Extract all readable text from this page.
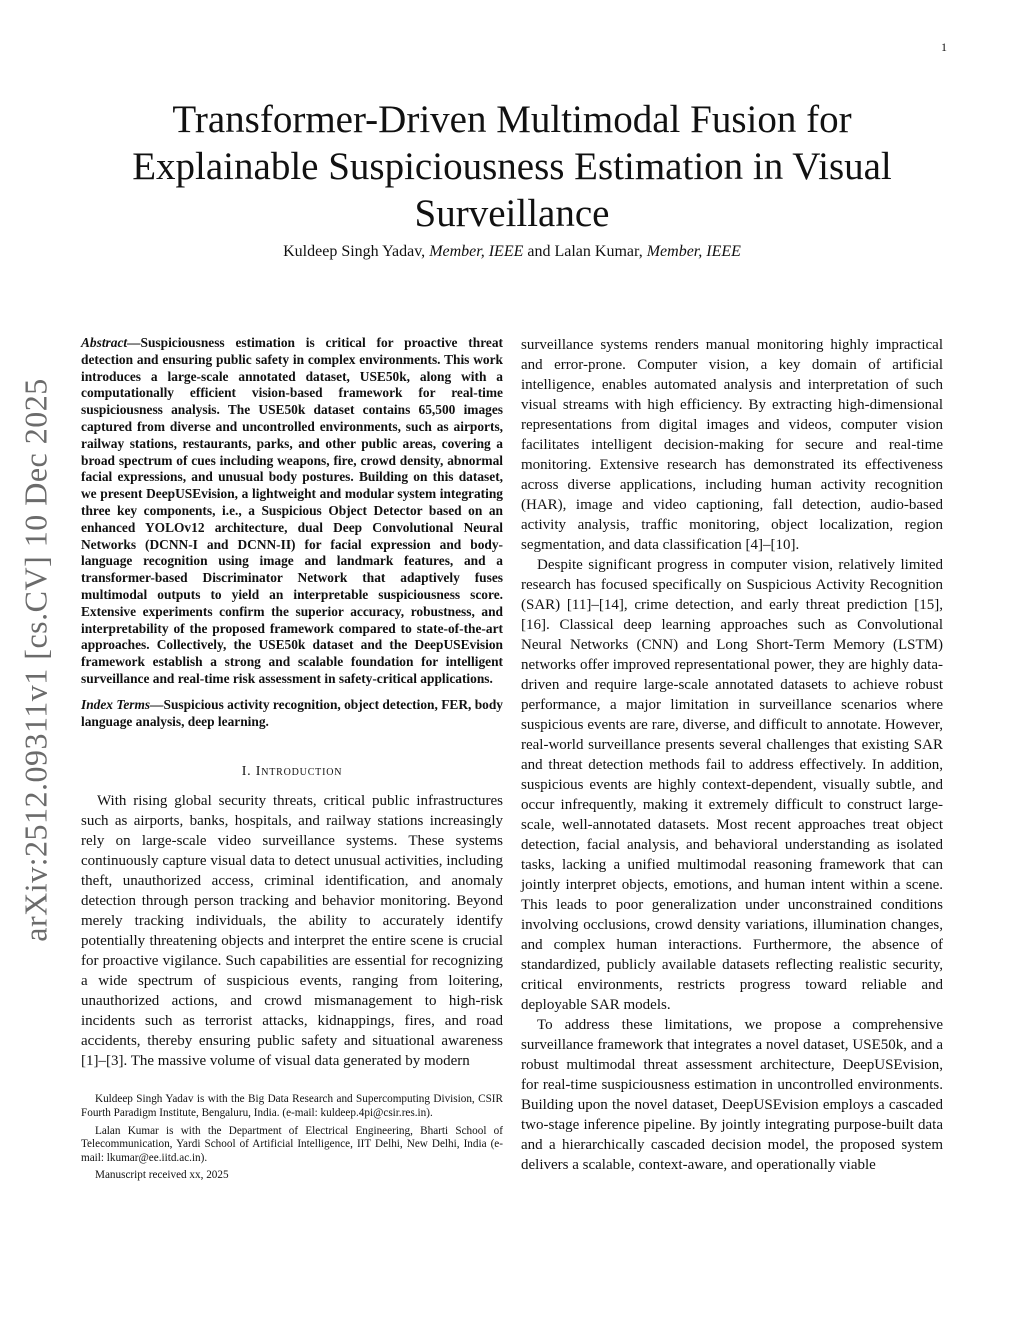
1
arXiv:2512.09311v1 [cs.CV] 10 Dec 2025
Transformer-Driven Multimodal Fusion for Explainable Suspiciousness Estimation in Visual Surveillance
Kuldeep Singh Yadav, Member, IEEE and Lalan Kumar, Member, IEEE

Abstract—Suspiciousness estimation is critical for proactive threat detection and ensuring public safety in complex environments. This work introduces a large-scale annotated dataset, USE50k, along with a computationally efficient vision-based framework for real-time suspiciousness analysis. The USE50k dataset contains 65,500 images captured from diverse and uncontrolled environments, such as airports, railway stations, restaurants, parks, and other public areas, covering a broad spectrum of cues including weapons, fire, crowd density, abnormal facial expressions, and unusual body postures. Building on this dataset, we present DeepUSEvision, a lightweight and modular system integrating three key components, i.e., a Suspicious Object Detector based on an enhanced YOLOv12 architecture, dual Deep Convolutional Neural Networks (DCNN-I and DCNN-II) for facial expression and body-language recognition using image and landmark features, and a transformer-based Discriminator Network that adaptively fuses multimodal outputs to yield an interpretable suspiciousness score. Extensive experiments confirm the superior accuracy, robustness, and interpretability of the proposed framework compared to state-of-the-art approaches. Collectively, the USE50k dataset and the DeepUSEvision framework establish a strong and scalable foundation for intelligent surveillance and real-time risk assessment in safety-critical applications.

Index Terms—Suspicious activity recognition, object detection, FER, body language analysis, deep learning.

I. Introduction

With rising global security threats, critical public infrastructures such as airports, banks, hospitals, and railway stations increasingly rely on large-scale video surveillance systems. These systems continuously capture visual data to detect unusual activities, including theft, unauthorized access, criminal identification, and anomaly detection through person tracking and behavior monitoring. Beyond merely tracking individuals, the ability to accurately identify potentially threatening objects and interpret the entire scene is crucial for proactive vigilance. Such capabilities are essential for recognizing a wide spectrum of suspicious events, ranging from loitering, unauthorized actions, and crowd mismanagement to high-risk incidents such as terrorist attacks, kidnappings, fires, and road accidents, thereby ensuring public safety and situational awareness [1]–[3]. The massive volume of visual data generated by modern

Kuldeep Singh Yadav is with the Big Data Research and Supercomputing Division, CSIR Fourth Paradigm Institute, Bengaluru, India. (e-mail: kuldeep.4pi@csir.res.in).

Lalan Kumar is with the Department of Electrical Engineering, Bharti School of Telecommunication, Yardi School of Artificial Intelligence, IIT Delhi, New Delhi, India (e-mail: lkumar@ee.iitd.ac.in).

Manuscript received xx, 2025

surveillance systems renders manual monitoring highly impractical and error-prone. Computer vision, a key domain of artificial intelligence, enables automated analysis and interpretation of such visual streams with high efficiency. By extracting high-dimensional representations from digital images and videos, computer vision facilitates intelligent decision-making for secure and real-time monitoring. Extensive research has demonstrated its effectiveness across diverse applications, including human activity recognition (HAR), image and video captioning, fall detection, audio-based activity analysis, traffic monitoring, object localization, region segmentation, and data classification [4]–[10].

Despite significant progress in computer vision, relatively limited research has focused specifically on Suspicious Activity Recognition (SAR) [11]–[14], crime detection, and early threat prediction [15], [16]. Classical deep learning approaches such as Convolutional Neural Networks (CNN) and Long Short-Term Memory (LSTM) networks offer improved representational power, they are highly data-driven and require large-scale annotated datasets to achieve robust performance, a major limitation in surveillance scenarios where suspicious events are rare, diverse, and difficult to annotate. However, real-world surveillance presents several challenges that existing SAR and threat detection methods fail to address effectively. In addition, suspicious events are highly context-dependent, visually subtle, and occur infrequently, making it extremely difficult to construct large-scale, well-annotated datasets. Most recent approaches treat object detection, facial analysis, and behavioral understanding as isolated tasks, lacking a unified multimodal reasoning framework that can jointly interpret objects, emotions, and human intent within a scene. This leads to poor generalization under unconstrained conditions involving occlusions, crowd density variations, illumination changes, and complex human interactions. Furthermore, the absence of standardized, publicly available datasets reflecting realistic security, critical environments, restricts progress toward reliable and deployable SAR models.

To address these limitations, we propose a comprehensive surveillance framework that integrates a novel dataset, USE50k, and a robust multimodal threat assessment architecture, DeepUSEvision, for real-time suspiciousness estimation in uncontrolled environments. Building upon the novel dataset, DeepUSEvision employs a cascaded two-stage inference pipeline. By jointly integrating purpose-built data and a hierarchically cascaded decision model, the proposed system delivers a scalable, context-aware, and operationally viable
